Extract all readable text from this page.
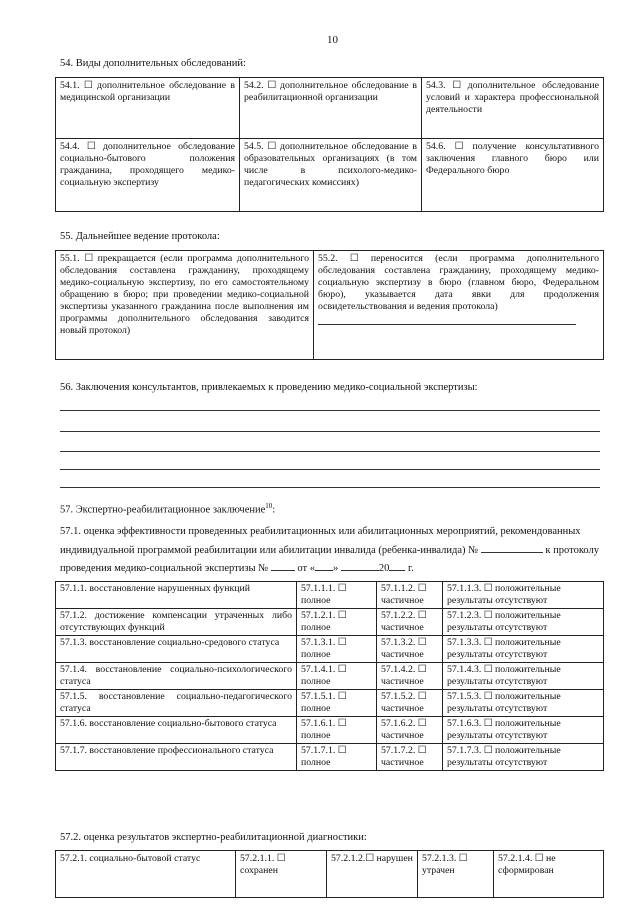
10
54. Виды дополнительных обследований:
54.1. ☐ дополнительное обследование в медицинской организации	54.2. ☐ дополнительное обследование в реабилитационной организации	54.3. ☐ дополнительное обследование условий и характера профессиональной деятельности
54.4. ☐ дополнительное обследование социально-бытового положения гражданина, проходящего медико-социальную экспертизу	54.5. ☐ дополнительное обследование в образовательных организациях (в том числе в психолого-медико-педагогических комиссиях)	54.6. ☐ получение консультативного заключения главного бюро или Федерального бюро
55. Дальнейшее ведение протокола:
55.1. ☐ прекращается (если программа дополнительного обследования составлена гражданину, проходящему медико-социальную экспертизу, по его самостоятельному обращению в бюро; при проведении медико-социальной экспертизы указанного гражданина после выполнения им программы дополнительного обследования заводится новый протокол)	
55.2. ☐ переносится (если программа дополнительного обследования составлена гражданину, проходящему медико-социальную экспертизу в бюро (главном бюро, Федеральном бюро), указывается дата явки для продолжения освидетельствования и ведения протокола)
56. Заключения консультантов, привлекаемых к проведению медико-социальной экспертизы:
57. Экспертно-реабилитационное заключение$^{10}$:
57.1. оценка эффективности проведенных реабилитационных или абилитационных мероприятий, рекомендованных
индивидуальной программой реабилитации или абилитации инвалида (ребенка-инвалида) №	к протоколу
проведения медико-социальной экспертизы №	от « »	20 г.
57.1.1. восстановление нарушенных функций	57.1.1.1. ☐ полное	57.1.1.2. ☐ частичное	57.1.1.3. ☐ положительные результаты отсутствуют
57.1.2. достижение компенсации утраченных либо отсутствующих функций	57.1.2.1. ☐ полное	57.1.2.2. ☐ частичное	57.1.2.3. ☐ положительные результаты отсутствуют
57.1.3. восстановление социально-средового статуса	57.1.3.1. ☐ полное	57.1.3.2. ☐ частичное	57.1.3.3. ☐ положительные результаты отсутствуют
57.1.4. восстановление социально-психологического статуса	57.1.4.1. ☐ полное	57.1.4.2. ☐ частичное	57.1.4.3. ☐ положительные результаты отсутствуют
57.1.5. восстановление социально-педагогического статуса	57.1.5.1. ☐ полное	57.1.5.2. ☐ частичное	57.1.5.3. ☐ положительные результаты отсутствуют
57.1.6. восстановление социально-бытового статуса	57.1.6.1. ☐ полное	57.1.6.2. ☐ частичное	57.1.6.3. ☐ положительные результаты отсутствуют
57.1.7. восстановление профессионального статуса	57.1.7.1. ☐ полное	57.1.7.2. ☐ частичное	57.1.7.3. ☐ положительные результаты отсутствуют
57.2. оценка результатов экспертно-реабилитационной диагностики:
57.2.1. социально-бытовой статус	57.2.1.1. ☐ сохранен	57.2.1.2.☐ нарушен	57.2.1.3. ☐ утрачен	57.2.1.4. ☐ не сформирован
